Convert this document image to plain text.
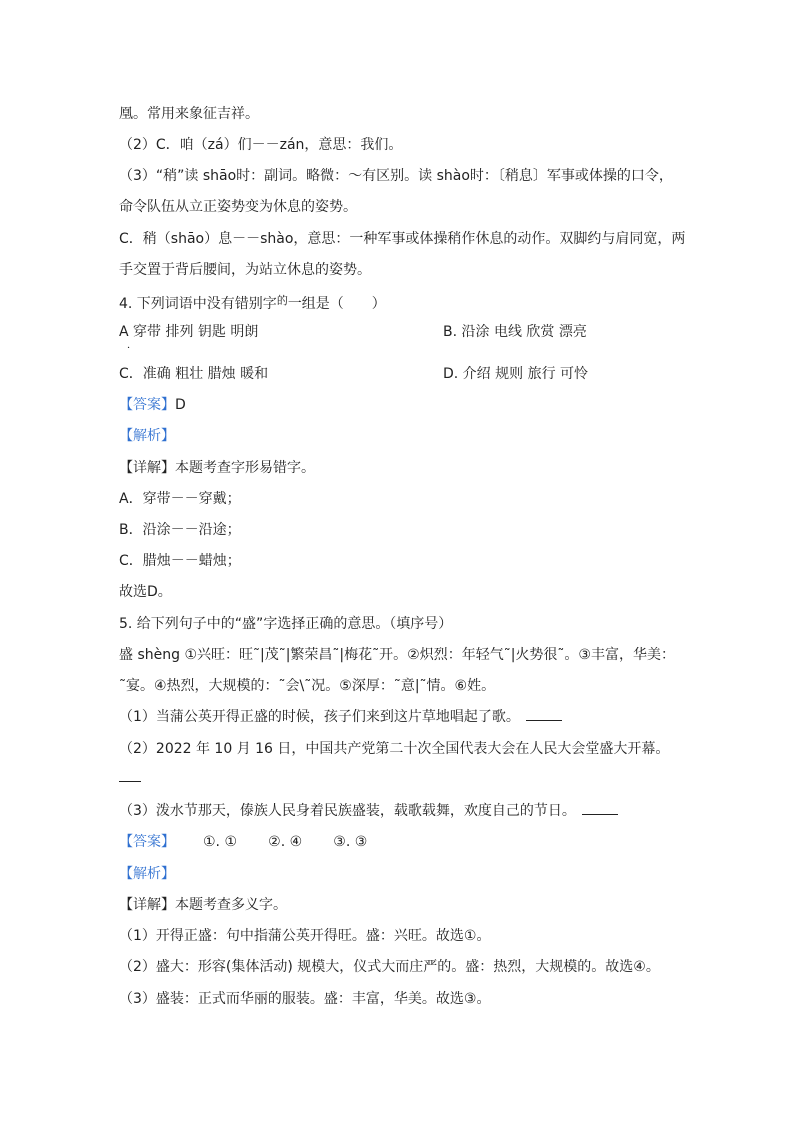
凰。常用来象征吉祥。
（2）C．咱（zá）们－－zán，意思：我们。
（3）“稍”读 shāo时：副词。略微：～有区别。读 shào时：〔稍息〕军事或体操的口令，
命令队伍从立正姿势变为休息的姿势。
C．稍（shāo）息－－shào，意思：一种军事或体操稍作休息的动作。双脚约与肩同宽，两
手交置于背后腰间，为站立休息的姿势。
4. 下列词语中没有错别字$^的$一组是（　　）
A 穿带 排列 钥匙 明朗
．
B. 沿涂 电线 欣赏 漂亮
C．准确 粗壮 腊烛 暖和	D. 介绍 规则 旅行 可怜
【答案】D
【解析】
【详解】本题考查字形易错字。
A．穿带－－穿戴；
B．沿涂－－沿途；
C．腊烛－－蜡烛；
故选D。
5. 给下列句子中的“盛”字选择正确的意思。（填序号）
盛 shèng ①兴旺：旺˜|茂˜|繁荣昌˜|梅花˜开。②炽烈：年轻气˜|火势很˜。③丰富，华美：
˜宴。④热烈，大规模的：˜会\˜况。⑤深厚：˜意|˜情。⑥姓。
（1）当蒲公英开得正盛的时候，孩子们来到这片草地唱起了歌。
（2）2022 年 10 月 16 日，中国共产党第二十次全国代表大会在人民大会堂盛大开幕。
（3）泼水节那天，傣族人民身着民族盛装，载歌载舞，欢度自己的节日。
【答案】 ①. ①       ②. ④       ③. ③
【解析】
【详解】本题考查多义字。
（1）开得正盛：句中指蒲公英开得旺。盛：兴旺。故选①。
（2）盛大：形容(集体活动) 规模大，仪式大而庄严的。盛：热烈，大规模的。故选④。
（3）盛装：正式而华丽的服装。盛：丰富，华美。故选③。
